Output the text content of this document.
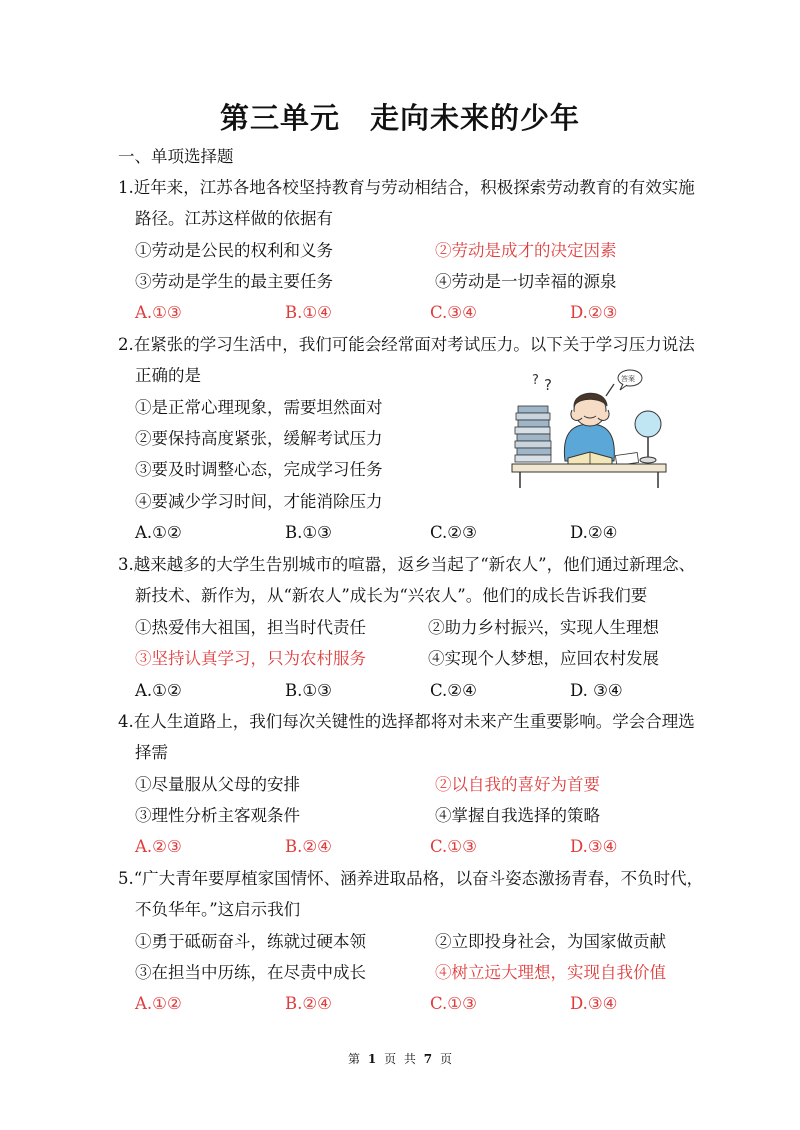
第三单元　走向未来的少年
一、单项选择题
1.近年来，江苏各地各校坚持教育与劳动相结合，积极探索劳动教育的有效实施
路径。江苏这样做的依据有
①劳动是公民的权利和义务	②劳动是成才的决定因素
③劳动是学生的最主要任务	④劳动是一切幸福的源泉
A.①③	B.①④	C.③④	D.②③
2.在紧张的学习生活中，我们可能会经常面对考试压力。以下关于学习压力说法
正确的是
①是正常心理现象，需要坦然面对
②要保持高度紧张，缓解考试压力
③要及时调整心态，完成学习任务
④要减少学习时间，才能消除压力
A.①②	B.①③	C.②③	D.②④
? ?	答案
3.越来越多的大学生告别城市的喧嚣，返乡当起了“新农人”，他们通过新理念、
新技术、新作为，从“新农人”成长为“兴农人”。他们的成长告诉我们要
①热爱伟大祖国，担当时代责任	②助力乡村振兴，实现人生理想
③坚持认真学习，只为农村服务	④实现个人梦想，应回农村发展
A.①②	B.①③	C.②④	D. ③④
4.在人生道路上，我们每次关键性的选择都将对未来产生重要影响。学会合理选
择需
①尽量服从父母的安排	②以自我的喜好为首要
③理性分析主客观条件	④掌握自我选择的策略
A.②③	B.②④	C.①③	D.③④
5.“广大青年要厚植家国情怀、涵养进取品格，以奋斗姿态激扬青春，不负时代，
不负华年。”这启示我们
①勇于砥砺奋斗，练就过硬本领	②立即投身社会，为国家做贡献
③在担当中历练，在尽责中成长	④树立远大理想，实现自我价值
A.①②	B.②④	C.①③	D.③④
第 1 页 共 7 页
